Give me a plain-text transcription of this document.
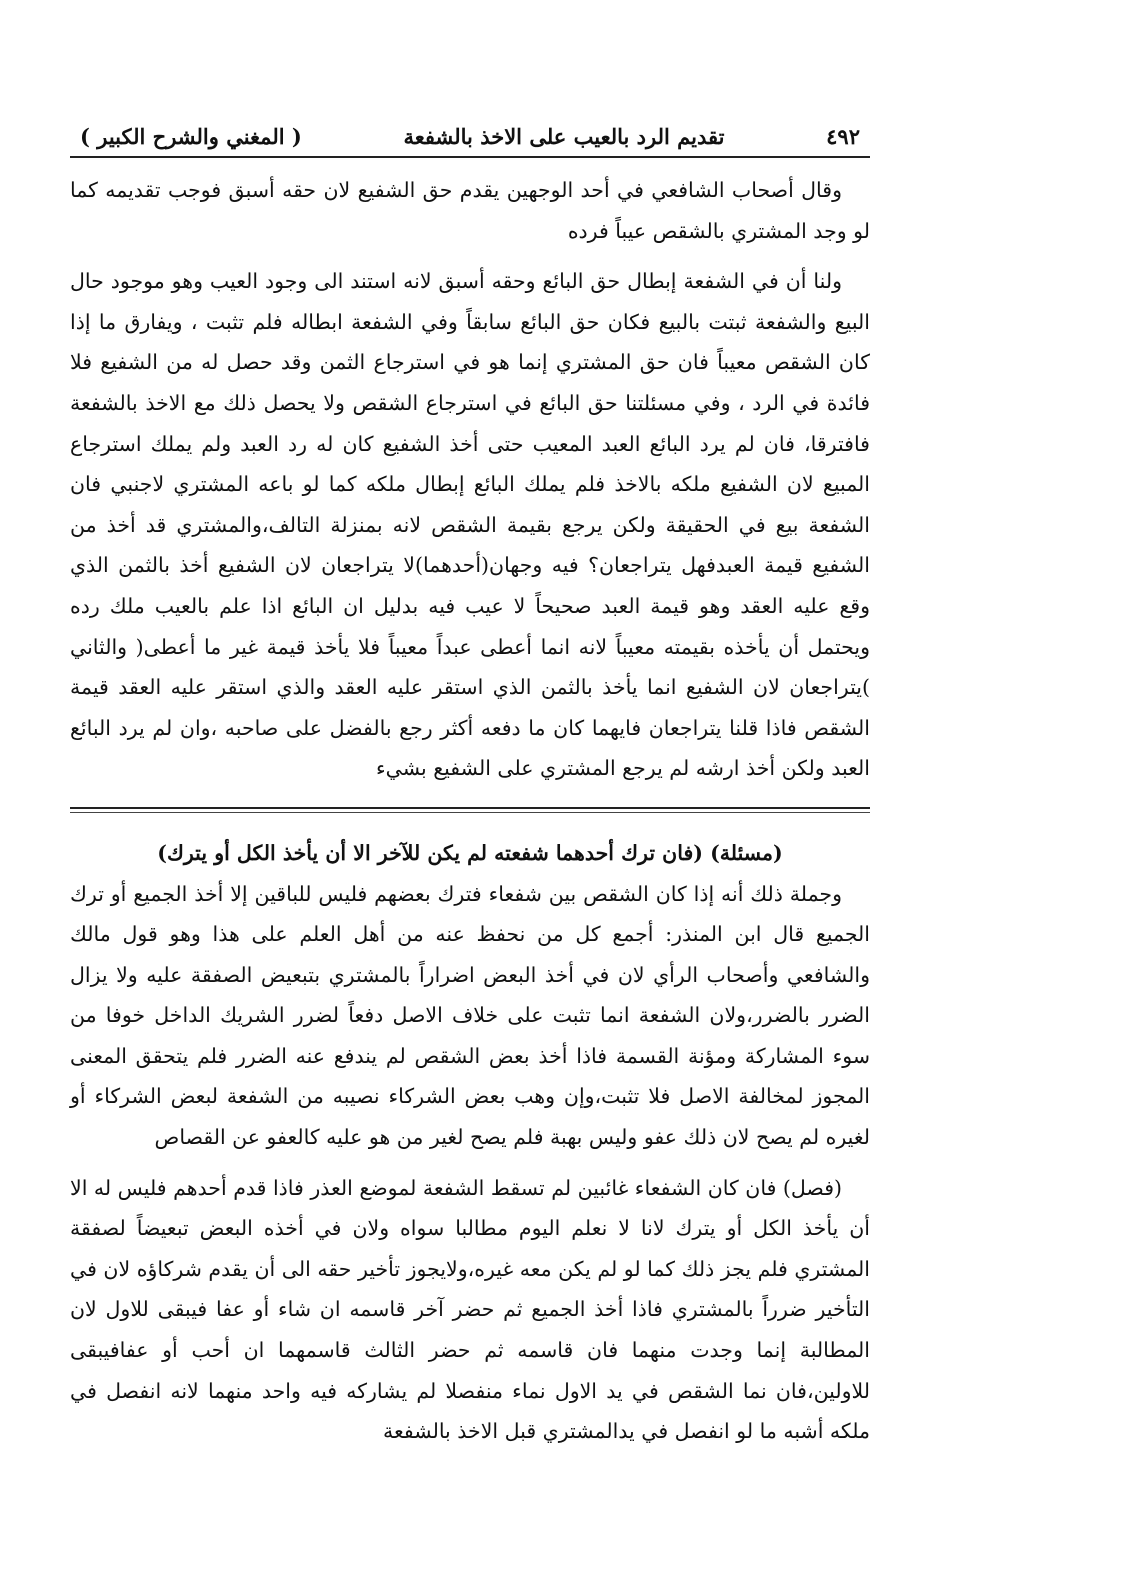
٤٩٢
تقديم الرد بالعيب على الاخذ بالشفعة
( المغني والشرح الكبير )

وقال أصحاب الشافعي في أحد الوجهين يقدم حق الشفيع لان حقه أسبق فوجب تقديمه كما لو وجد المشتري بالشقص عيباً فرده

ولنا أن في الشفعة إبطال حق البائع وحقه أسبق لانه استند الى وجود العيب وهو موجود حال البيع والشفعة ثبتت بالبيع فكان حق البائع سابقاً وفي الشفعة ابطاله فلم تثبت ، ويفارق ما إذا كان الشقص معيباً فان حق المشتري إنما هو في استرجاع الثمن وقد حصل له من الشفيع فلا فائدة في الرد ، وفي مسئلتنا حق البائع في استرجاع الشقص ولا يحصل ذلك مع الاخذ بالشفعة فافترقا، فان لم يرد البائع العبد المعيب حتى أخذ الشفيع كان له رد العبد ولم يملك استرجاع المبيع لان الشفيع ملكه بالاخذ فلم يملك البائع إبطال ملكه كما لو باعه المشتري لاجنبي فان الشفعة بيع في الحقيقة ولكن يرجع بقيمة الشقص لانه بمنزلة التالف،والمشتري قد أخذ من الشفيع قيمة العبدفهل يتراجعان؟ فيه وجهان(أحدهما)لا يتراجعان لان الشفيع أخذ بالثمن الذي وقع عليه العقد وهو قيمة العبد صحيحاً لا عيب فيه بدليل ان البائع اذا علم بالعيب ملك رده ويحتمل أن يأخذه بقيمته معيباً لانه انما أعطى عبداً معيباً فلا يأخذ قيمة غير ما أعطى( والثاني )يتراجعان لان الشفيع انما يأخذ بالثمن الذي استقر عليه العقد والذي استقر عليه العقد قيمة الشقص فاذا قلنا يتراجعان فايهما كان ما دفعه أكثر رجع بالفضل على صاحبه ،وان لم يرد البائع العبد ولكن أخذ ارشه لم يرجع المشتري على الشفيع بشيء

(مسئلة) (فان ترك أحدهما شفعته لم يكن للآخر الا أن يأخذ الكل أو يترك)

وجملة ذلك أنه إذا كان الشقص بين شفعاء فترك بعضهم فليس للباقين إلا أخذ الجميع أو ترك الجميع قال ابن المنذر: أجمع كل من نحفظ عنه من أهل العلم على هذا وهو قول مالك والشافعي وأصحاب الرأي لان في أخذ البعض اضراراً بالمشتري بتبعيض الصفقة عليه ولا يزال الضرر بالضرر،ولان الشفعة انما تثبت على خلاف الاصل دفعاً لضرر الشريك الداخل خوفا من سوء المشاركة ومؤنة القسمة فاذا أخذ بعض الشقص لم يندفع عنه الضرر فلم يتحقق المعنى المجوز لمخالفة الاصل فلا تثبت،وإن وهب بعض الشركاء نصيبه من الشفعة لبعض الشركاء أو لغيره لم يصح لان ذلك عفو وليس بهبة فلم يصح لغير من هو عليه كالعفو عن القصاص

(فصل) فان كان الشفعاء غائبين لم تسقط الشفعة لموضع العذر فاذا قدم أحدهم فليس له الا أن يأخذ الكل أو يترك لانا لا نعلم اليوم مطالبا سواه ولان في أخذه البعض تبعيضاً لصفقة المشتري فلم يجز ذلك كما لو لم يكن معه غيره،ولايجوز تأخير حقه الى أن يقدم شركاؤه لان في التأخير ضرراً بالمشتري فاذا أخذ الجميع ثم حضر آخر قاسمه ان شاء أو عفا فيبقى للاول لان المطالبة إنما وجدت منهما فان قاسمه ثم حضر الثالث قاسمهما ان أحب أو عفافيبقى للاولين،فان نما الشقص في يد الاول نماء منفصلا لم يشاركه فيه واحد منهما لانه انفصل في ملكه أشبه ما لو انفصل في يدالمشتري قبل الاخذ بالشفعة
